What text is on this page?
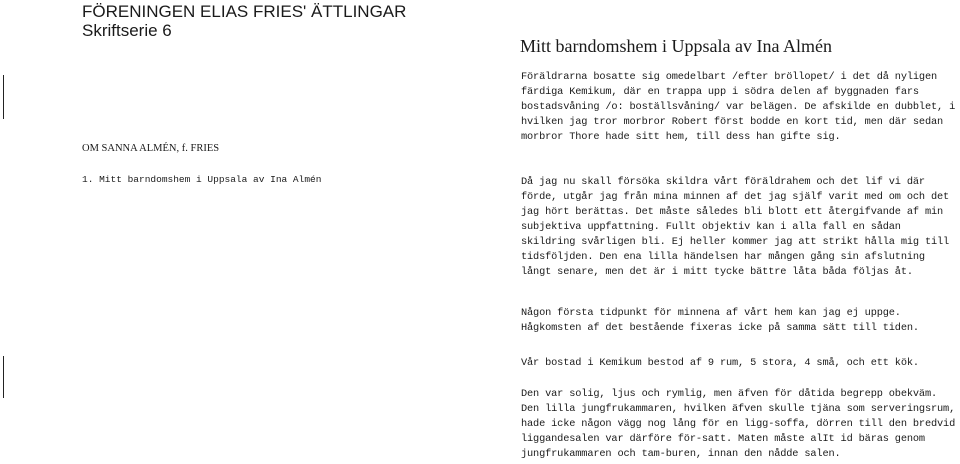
FÖRENINGEN ELIAS FRIES' ÄTTLINGAR
Skriftserie 6
Mitt barndomshem i Uppsala av Ina Almén
OM SANNA ALMÉN, f. FRIES
1. Mitt barndomshem i Uppsala av Ina Almén

Föräldrarna bosatte sig omedelbart /efter bröllopet/ i det då nyligen färdiga Kemikum, där en trappa upp i södra delen af byggnaden fars bostadsvåning /o: boställsvåning/ var belägen. De afskilde en dubblet, i hvilken jag tror morbror Robert först bodde en kort tid, men där sedan morbror Thore hade sitt hem, till dess han gifte sig.

Då jag nu skall försöka skildra vårt föräldrahem och det lif vi där förde, utgår jag från mina minnen af det jag själf varit med om och det jag hört berättas. Det måste således bli blott ett återgifvande af min subjektiva uppfattning. Fullt objektiv kan i alla fall en sådan skildring svårligen bli. Ej heller kommer jag att strikt hålla mig till tidsföljden. Den ena lilla händelsen har mången gång sin afslutning långt senare, men det är i mitt tycke bättre låta båda följas åt.

Någon första tidpunkt för minnena af vårt hem kan jag ej uppge. Hågkomsten af det bestående fixeras icke på samma sätt till tiden.

Vår bostad i Kemikum bestod af 9 rum, 5 stora, 4 små, och ett kök.

Den var solig, ljus och rymlig, men äfven för dåtida begrepp obekväm. Den lilla jungfrukammaren, hvilken äfven skulle tjäna som serveringsrum, hade icke någon vägg nog lång för en ligg-soffa, dörren till den bredvid liggandesalen var därföre för-satt. Maten måste alIt id bäras genom jungfrukammaren och tam-buren, innan den nådde salen.
